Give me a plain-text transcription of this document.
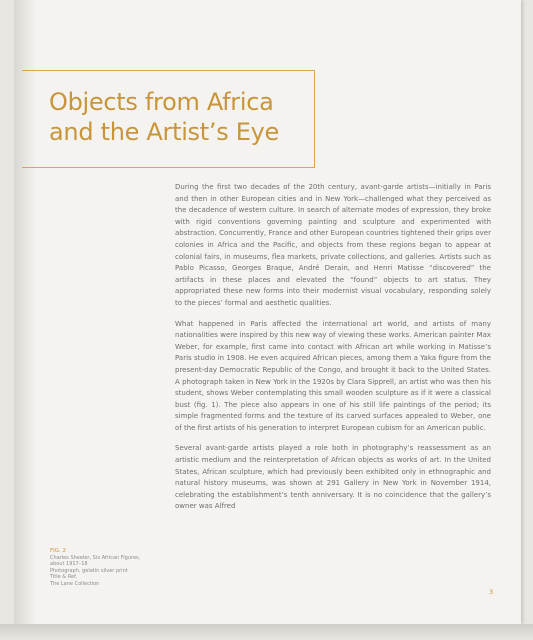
Objects from Africa
and the Artist’s Eye

During the first two decades of the 20th century, avant-garde artists—initially in Paris and then in other European cities and in New York—challenged what they perceived as the decadence of western culture. In search of alternate modes of expression, they broke with rigid conventions governing painting and sculpture and experimented with abstraction. Concurrently, France and other European countries tightened their grips over colonies in Africa and the Pacific, and objects from these regions began to appear at colonial fairs, in museums, flea markets, private collections, and galleries. Artists such as Pablo Picasso, Georges Braque, André Derain, and Henri Matisse “discovered” the artifacts in these places and elevated the “found” objects to art status. They appropriated these new forms into their modernist visual vocabulary, responding solely to the pieces’ formal and aesthetic qualities.

What happened in Paris affected the international art world, and artists of many nationalities were inspired by this new way of viewing these works. American painter Max Weber, for example, first came into contact with African art while working in Matisse’s Paris studio in 1908. He even acquired African pieces, among them a Yaka figure from the present-day Democratic Republic of the Congo, and brought it back to the United States. A photograph taken in New York in the 1920s by Clara Sipprell, an artist who was then his student, shows Weber contemplating this small wooden sculpture as if it were a classical bust (fig. 1). The piece also appears in one of his still life paintings of the period; its simple fragmented forms and the texture of its carved surfaces appealed to Weber, one of the first artists of his generation to interpret European cubism for an American public.

Several avant-garde artists played a role both in photography’s reassessment as an artistic medium and the reinterpretation of African objects as works of art. In the United States, African sculpture, which had previously been exhibited only in ethnographic and natural history museums, was shown at 291 Gallery in New York in November 1914, celebrating the establishment’s tenth anniversary. It is no coincidence that the gallery’s owner was Alfred

FIG. 2
Charles Sheeler, Six African Figures,
about 1917–18
Photograph, gelatin silver print
Title & Ref.
The Lane Collection
3
